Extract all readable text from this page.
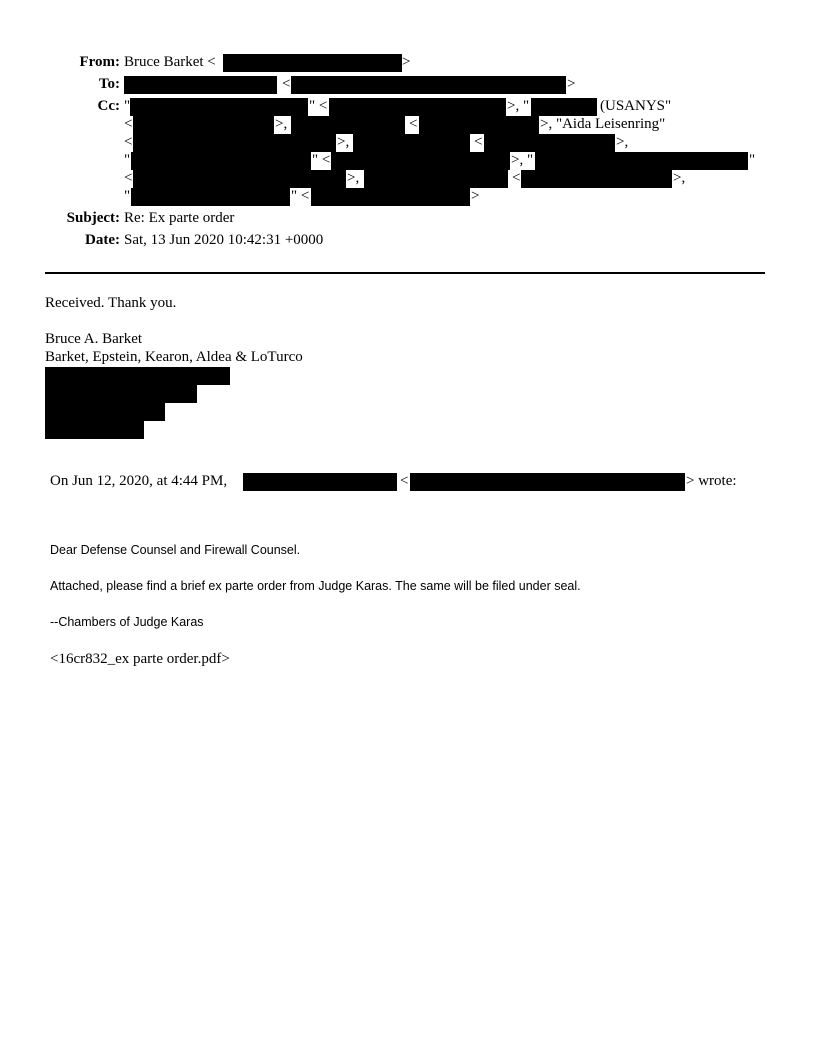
From: Bruce Barket <	>
To:	<	>
Cc: "	" <	>, "	(USANYS"
<	>,	<	>, "Aida Leisenring"
<	>,	<	>,
"	" <	>, "	"
<	>,	<	>,
"	" <	>
Subject: Re: Ex parte order
Date: Sat, 13 Jun 2020 10:42:31 +0000
Received. Thank you.
Bruce A. Barket
Barket, Epstein, Kearon, Aldea & LoTurco
On Jun 12, 2020, at 4:44 PM,	<	> wrote:
Dear Defense Counsel and Firewall Counsel.
Attached, please find a brief ex parte order from Judge Karas. The same will be filed under seal.
--Chambers of Judge Karas
<16cr832_ex parte order.pdf>
